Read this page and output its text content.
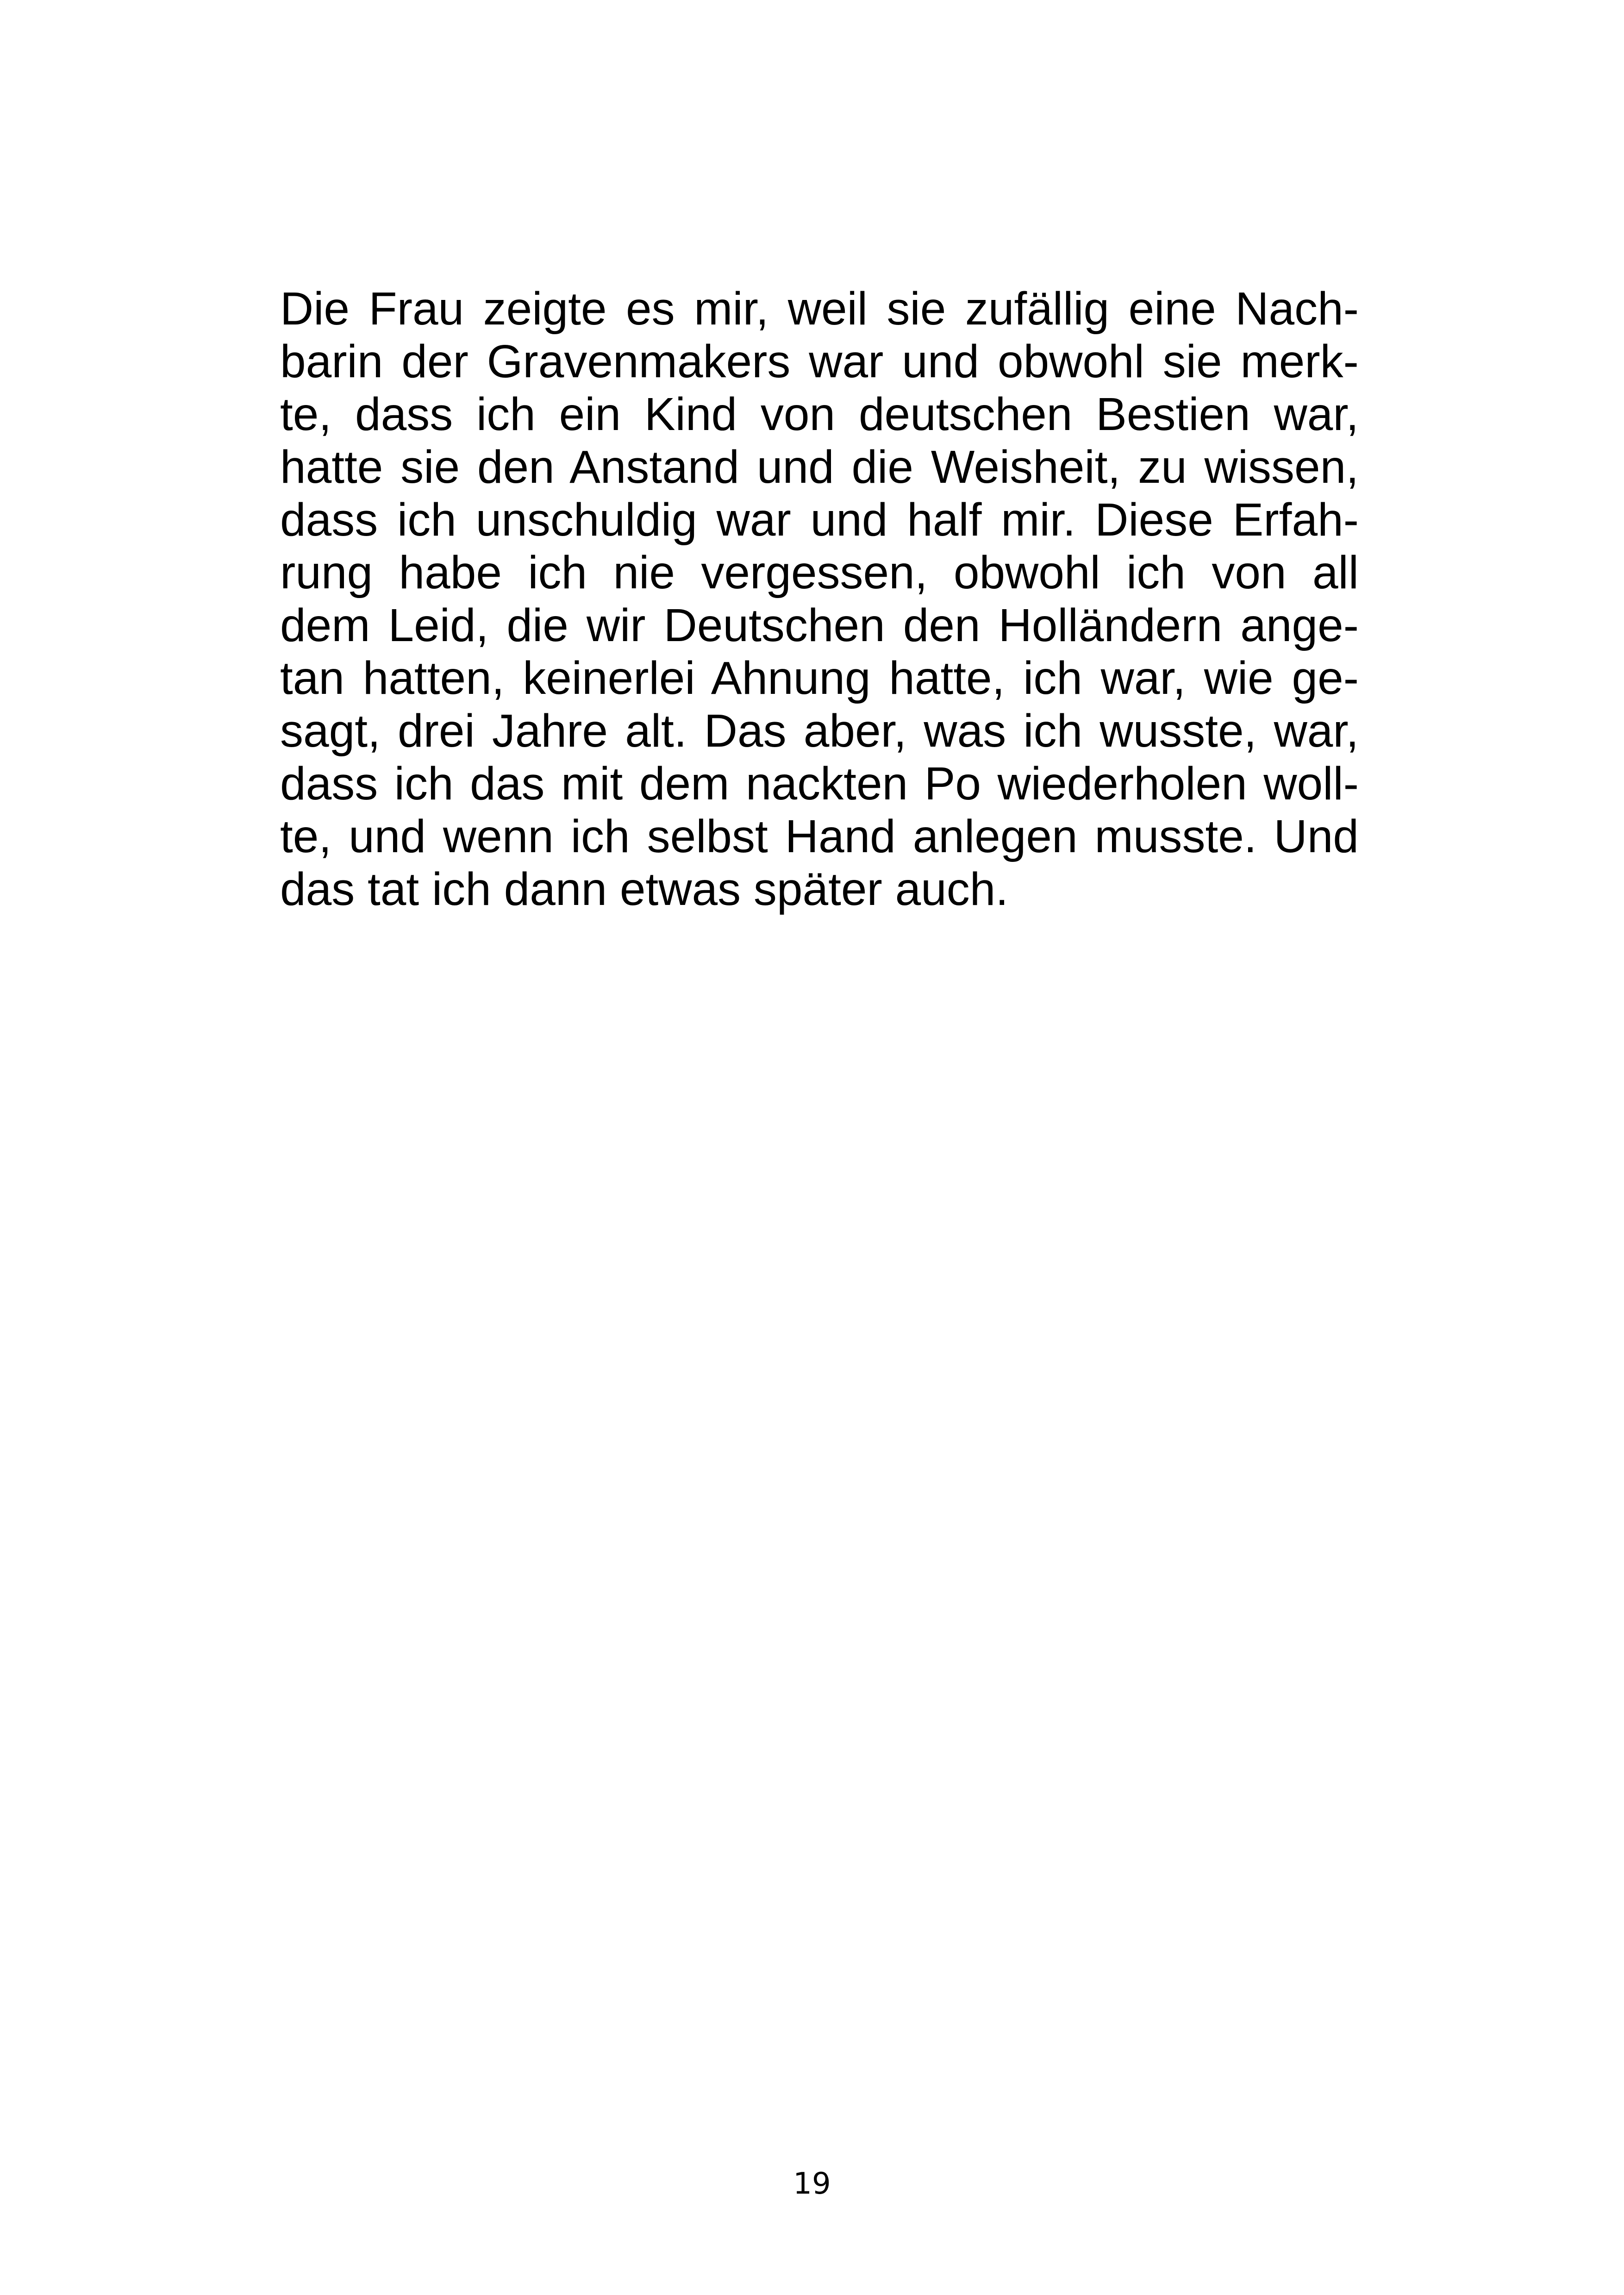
Die Frau zeigte es mir, weil sie zufällig eine Nach-
barin der Gravenmakers war und obwohl sie merk-
te, dass ich ein Kind von deutschen Bestien war,
hatte sie den Anstand und die Weisheit, zu wissen,
dass ich unschuldig war und half mir. Diese Erfah-
rung habe ich nie vergessen, obwohl ich von all
dem Leid, die wir Deutschen den Holländern ange-
tan hatten, keinerlei Ahnung hatte, ich war, wie ge-
sagt, drei Jahre alt. Das aber, was ich wusste, war,
dass ich das mit dem nackten Po wiederholen woll-
te, und wenn ich selbst Hand anlegen musste. Und
das tat ich dann etwas später auch.
19
